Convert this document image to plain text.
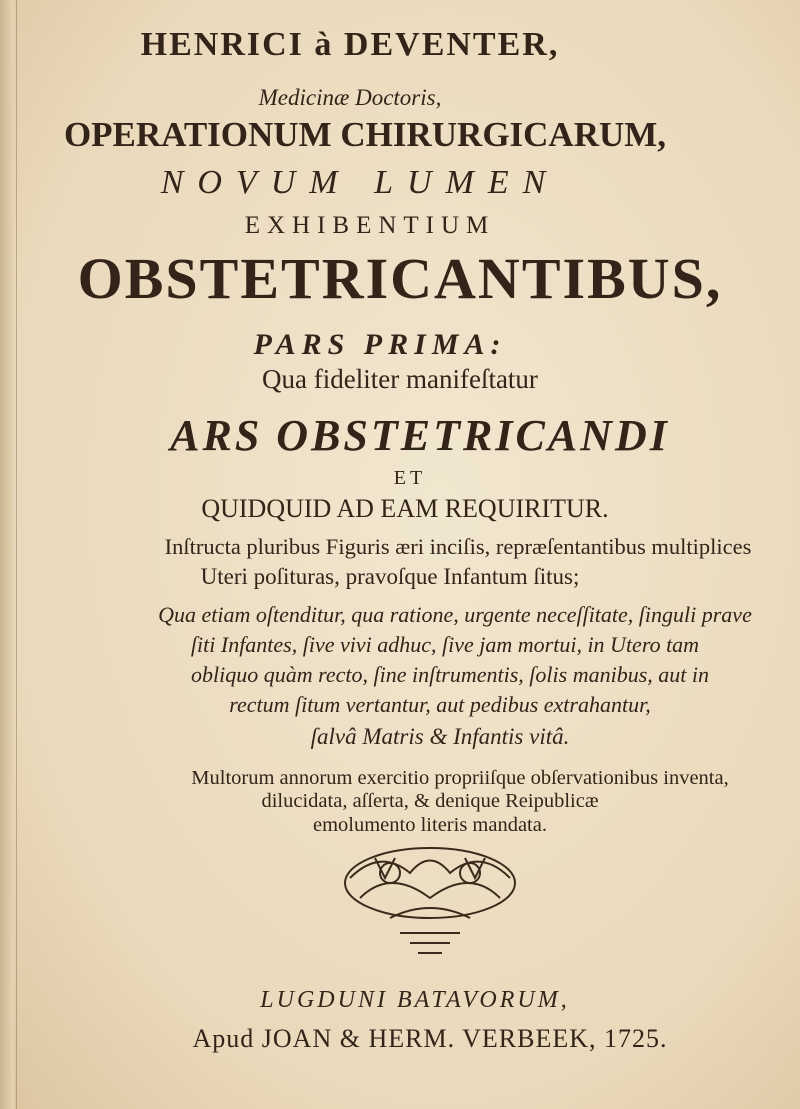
HENRICI à DEVENTER,
Medicinæ Doctoris,
OPERATIONUM CHIRURGICARUM,
NOVUM LUMEN
EXHIBENTIUM
OBSTETRICANTIBUS,
PARS PRIMA:
Qua fideliter manifeſtatur
ARS OBSTETRICANDI
ET
QUIDQUID AD EAM REQUIRITUR.
Inſtructa pluribus Figuris æri inciſis, repræſentantibus multiplices
Uteri poſituras, pravoſque Infantum ſitus;
Qua etiam oſtenditur, qua ratione, urgente neceſſitate, ſinguli prave
ſiti Infantes, ſive vivi adhuc, ſive jam mortui, in Utero tam
obliquo quàm recto, ſine inſtrumentis, ſolis manibus, aut in
rectum ſitum vertantur, aut pedibus extrahantur,
ſalvâ Matris & Infantis vitâ.
Multorum annorum exercitio propriiſque obſervationibus inventa,
dilucidata, aſſerta, & denique Reipublicæ
emolumento literis mandata.
LUGDUNI BATAVORUM,
Apud JOAN & HERM. VERBEEK, 1725.
